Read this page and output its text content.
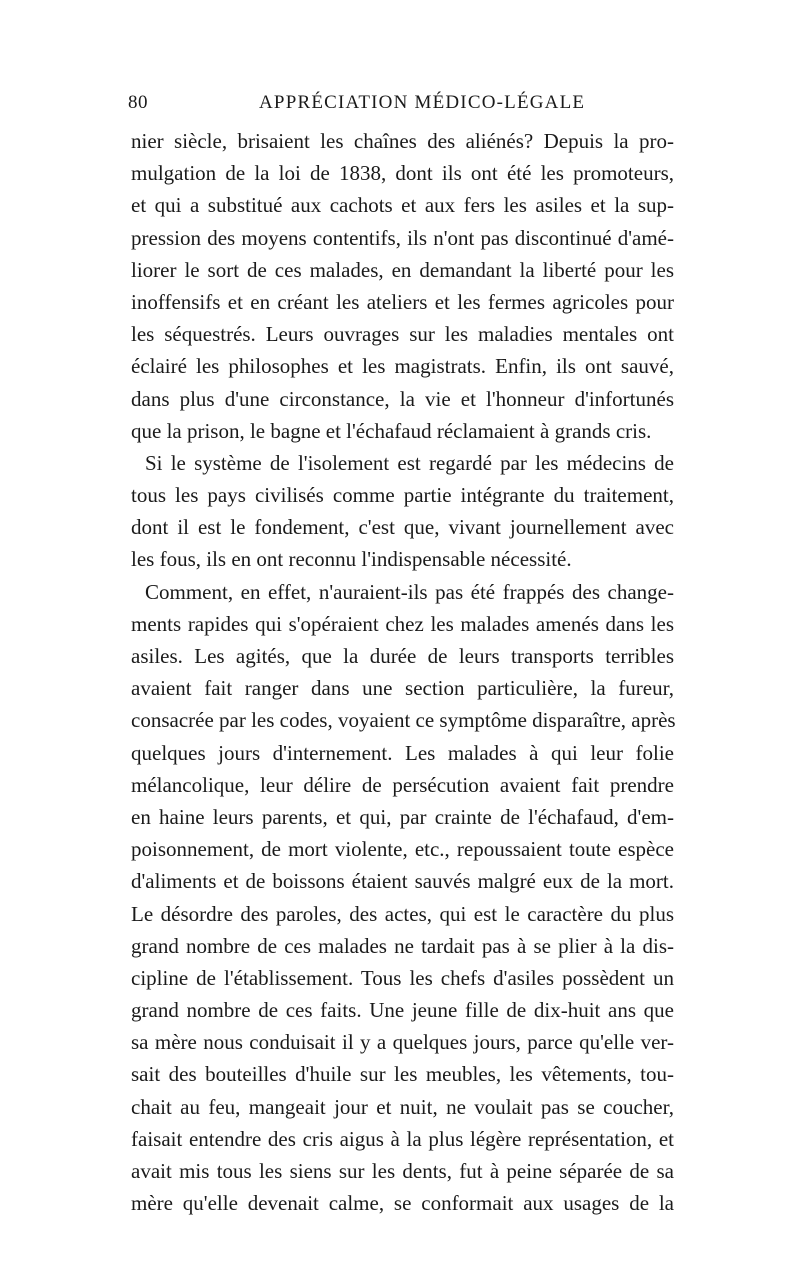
80	APPRÉCIATION MÉDICO-LÉGALE
nier siècle, brisaient les chaînes des aliénés? Depuis la pro-
mulgation de la loi de 1838, dont ils ont été les promoteurs,
et qui a substitué aux cachots et aux fers les asiles et la sup-
pression des moyens contentifs, ils n'ont pas discontinué d'amé-
liorer le sort de ces malades, en demandant la liberté pour les
inoffensifs et en créant les ateliers et les fermes agricoles pour
les séquestrés. Leurs ouvrages sur les maladies mentales ont
éclairé les philosophes et les magistrats. Enfin, ils ont sauvé,
dans plus d'une circonstance, la vie et l'honneur d'infortunés
que la prison, le bagne et l'échafaud réclamaient à grands cris.
Si le système de l'isolement est regardé par les médecins de
tous les pays civilisés comme partie intégrante du traitement,
dont il est le fondement, c'est que, vivant journellement avec
les fous, ils en ont reconnu l'indispensable nécessité.
Comment, en effet, n'auraient-ils pas été frappés des change-
ments rapides qui s'opéraient chez les malades amenés dans les
asiles. Les agités, que la durée de leurs transports terribles
avaient fait ranger dans une section particulière, la fureur,
consacrée par les codes, voyaient ce symptôme disparaître, après
quelques jours d'internement. Les malades à qui leur folie
mélancolique, leur délire de persécution avaient fait prendre
en haine leurs parents, et qui, par crainte de l'échafaud, d'em-
poisonnement, de mort violente, etc., repoussaient toute espèce
d'aliments et de boissons étaient sauvés malgré eux de la mort.
Le désordre des paroles, des actes, qui est le caractère du plus
grand nombre de ces malades ne tardait pas à se plier à la dis-
cipline de l'établissement. Tous les chefs d'asiles possèdent un
grand nombre de ces faits. Une jeune fille de dix-huit ans que
sa mère nous conduisait il y a quelques jours, parce qu'elle ver-
sait des bouteilles d'huile sur les meubles, les vêtements, tou-
chait au feu, mangeait jour et nuit, ne voulait pas se coucher,
faisait entendre des cris aigus à la plus légère représentation, et
avait mis tous les siens sur les dents, fut à peine séparée de sa
mère qu'elle devenait calme, se conformait aux usages de la
